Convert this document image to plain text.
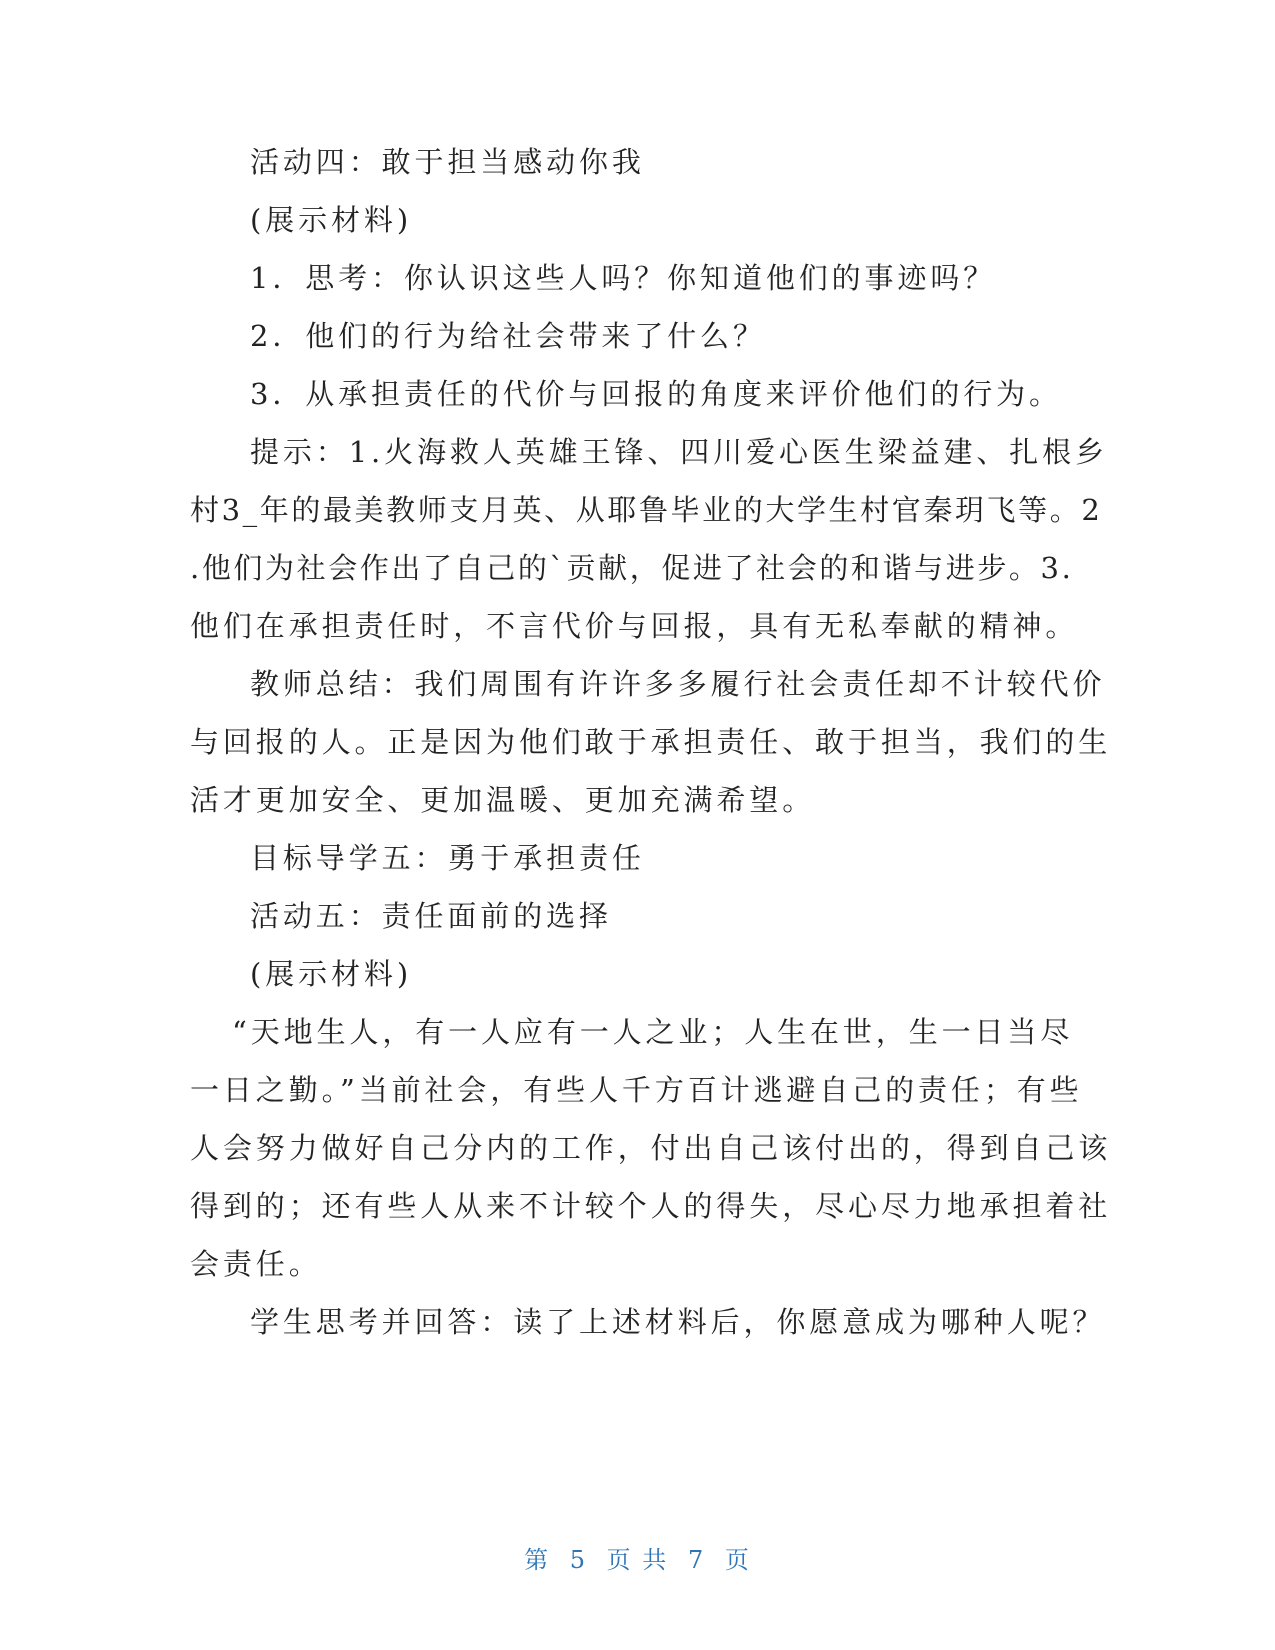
活动四：敢于担当感动你我
(展示材料)
1．思考：你认识这些人吗？你知道他们的事迹吗？
2．他们的行为给社会带来了什么？
3．从承担责任的代价与回报的角度来评价他们的行为。
提示：1.火海救人英雄王锋、四川爱心医生梁益建、扎根乡
村3_年的最美教师支月英、从耶鲁毕业的大学生村官秦玥飞等。2
.他们为社会作出了自己的`贡献，促进了社会的和谐与进步。3.
他们在承担责任时，不言代价与回报，具有无私奉献的精神。
教师总结：我们周围有许许多多履行社会责任却不计较代价
与回报的人。正是因为他们敢于承担责任、敢于担当，我们的生
活才更加安全、更加温暖、更加充满希望。
目标导学五：勇于承担责任
活动五：责任面前的选择
(展示材料)
“天地生人，有一人应有一人之业；人生在世，生一日当尽
一日之勤。”当前社会，有些人千方百计逃避自己的责任；有些
人会努力做好自己分内的工作，付出自己该付出的，得到自己该
得到的；还有些人从来不计较个人的得失，尽心尽力地承担着社
会责任。
学生思考并回答：读了上述材料后，你愿意成为哪种人呢？
第 5 页 共 7 页
